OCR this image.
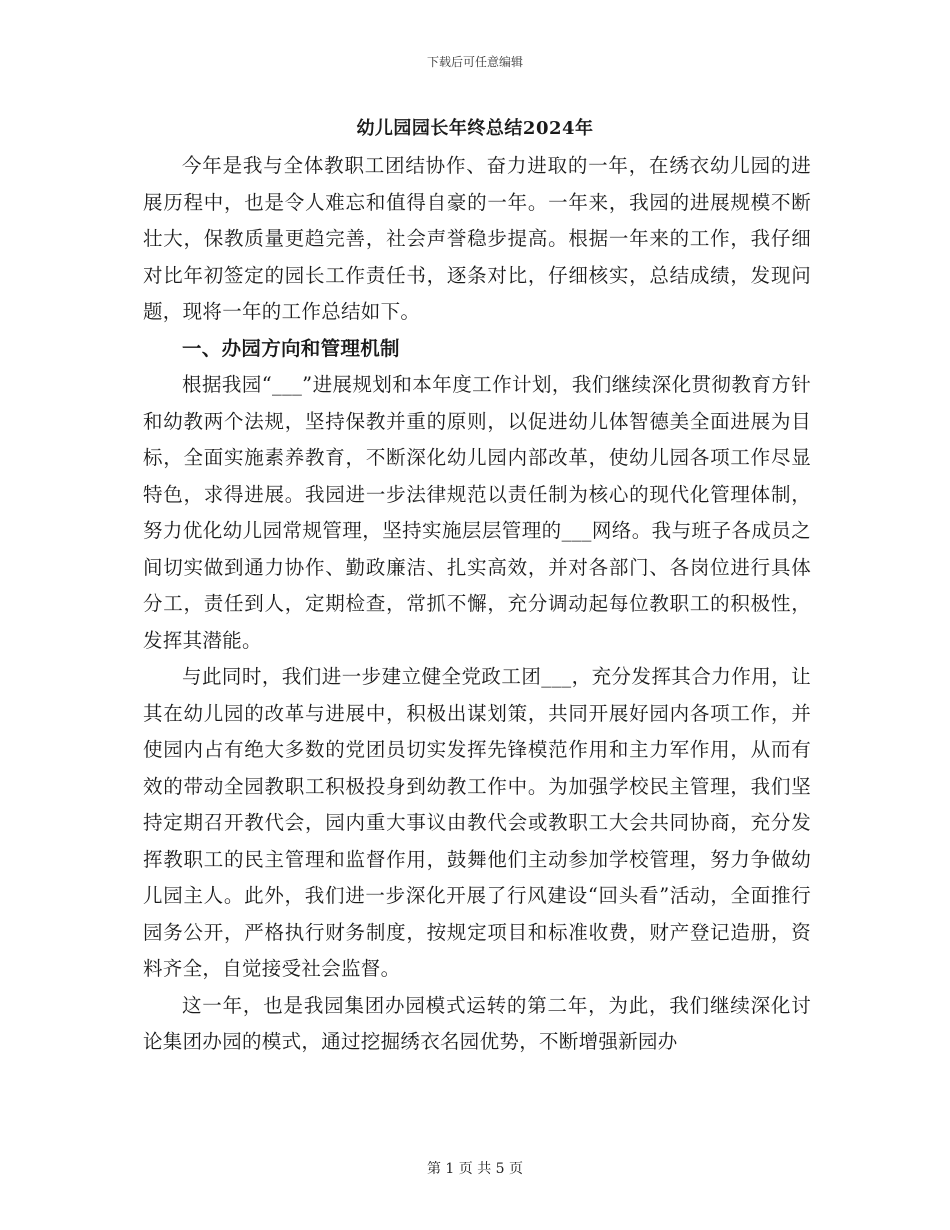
下载后可任意编辑
幼儿园园长年终总结2024年

今年是我与全体教职工团结协作、奋力进取的一年，在绣衣幼儿园的进展历程中，也是令人难忘和值得自豪的一年。一年来，我园的进展规模不断壮大，保教质量更趋完善，社会声誉稳步提高。根据一年来的工作，我仔细对比年初签定的园长工作责任书，逐条对比，仔细核实，总结成绩，发现问题，现将一年的工作总结如下。

一、办园方向和管理机制

根据我园“___”进展规划和本年度工作计划，我们继续深化贯彻教育方针和幼教两个法规，坚持保教并重的原则，以促进幼儿体智德美全面进展为目标，全面实施素养教育，不断深化幼儿园内部改革，使幼儿园各项工作尽显特色，求得进展。我园进一步法律规范以责任制为核心的现代化管理体制，努力优化幼儿园常规管理，坚持实施层层管理的___网络。我与班子各成员之间切实做到通力协作、勤政廉洁、扎实高效，并对各部门、各岗位进行具体分工，责任到人，定期检查，常抓不懈，充分调动起每位教职工的积极性，发挥其潜能。

与此同时，我们进一步建立健全党政工团___，充分发挥其合力作用，让其在幼儿园的改革与进展中，积极出谋划策，共同开展好园内各项工作，并使园内占有绝大多数的党团员切实发挥先锋模范作用和主力军作用，从而有效的带动全园教职工积极投身到幼教工作中。为加强学校民主管理，我们坚持定期召开教代会，园内重大事议由教代会或教职工大会共同协商，充分发挥教职工的民主管理和监督作用，鼓舞他们主动参加学校管理，努力争做幼儿园主人。此外，我们进一步深化开展了行风建设“回头看”活动，全面推行园务公开，严格执行财务制度，按规定项目和标准收费，财产登记造册，资料齐全，自觉接受社会监督。

这一年，也是我园集团办园模式运转的第二年，为此，我们继续深化讨论集团办园的模式，通过挖掘绣衣名园优势，不断增强新园办

第 1 页 共 5 页
